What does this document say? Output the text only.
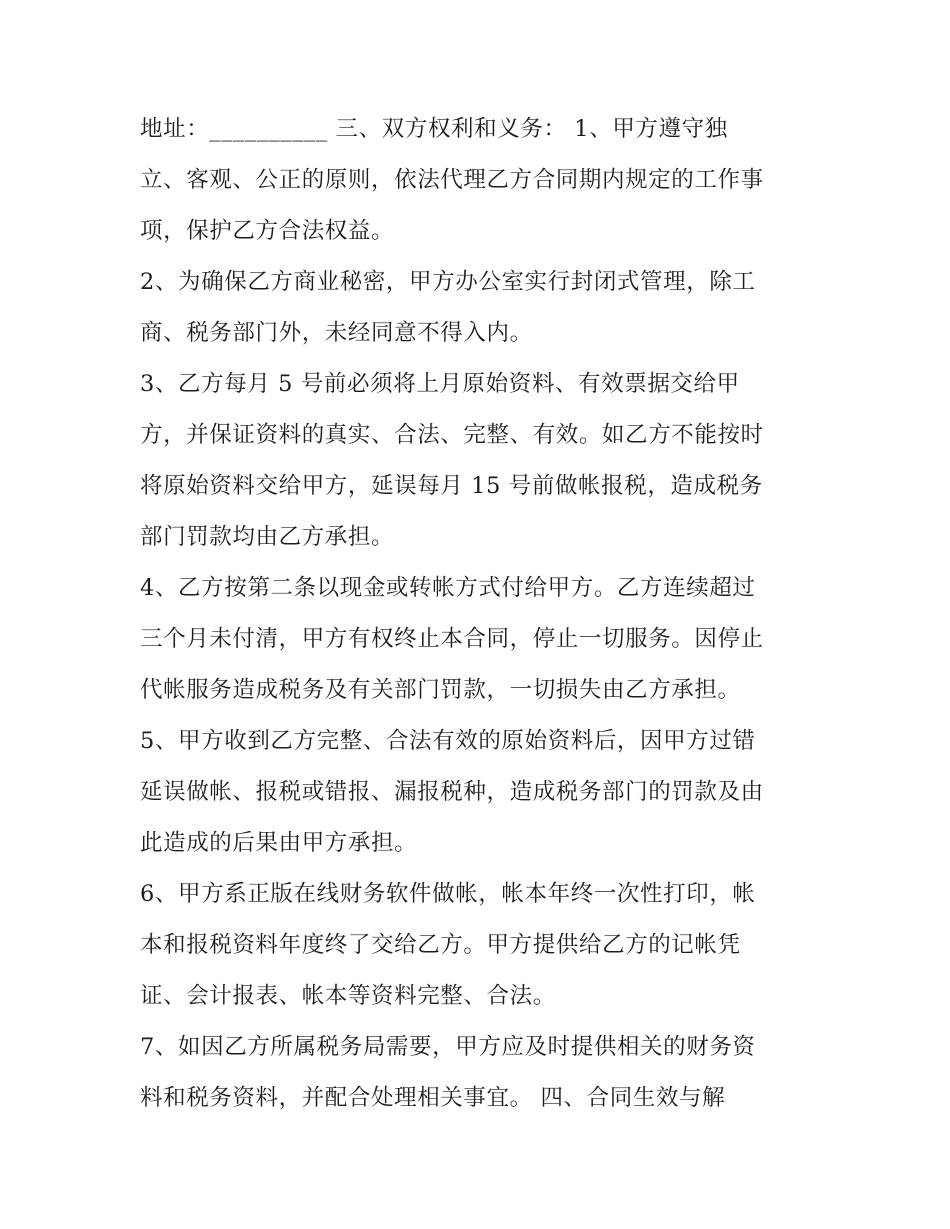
地址：__________ 三、双方权利和义务： 1、甲方遵守独
立、客观、公正的原则，依法代理乙方合同期内规定的工作事
项，保护乙方合法权益。
2、为确保乙方商业秘密，甲方办公室实行封闭式管理，除工
商、税务部门外，未经同意不得入内。
3、乙方每月 5 号前必须将上月原始资料、有效票据交给甲
方，并保证资料的真实、合法、完整、有效。如乙方不能按时
将原始资料交给甲方，延误每月 15 号前做帐报税，造成税务
部门罚款均由乙方承担。
4、乙方按第二条以现金或转帐方式付给甲方。乙方连续超过
三个月未付清，甲方有权终止本合同，停止一切服务。因停止
代帐服务造成税务及有关部门罚款，一切损失由乙方承担。
5、甲方收到乙方完整、合法有效的原始资料后，因甲方过错
延误做帐、报税或错报、漏报税种，造成税务部门的罚款及由
此造成的后果由甲方承担。
6、甲方系正版在线财务软件做帐，帐本年终一次性打印，帐
本和报税资料年度终了交给乙方。甲方提供给乙方的记帐凭
证、会计报表、帐本等资料完整、合法。
7、如因乙方所属税务局需要，甲方应及时提供相关的财务资
料和税务资料，并配合处理相关事宜。 四、合同生效与解
